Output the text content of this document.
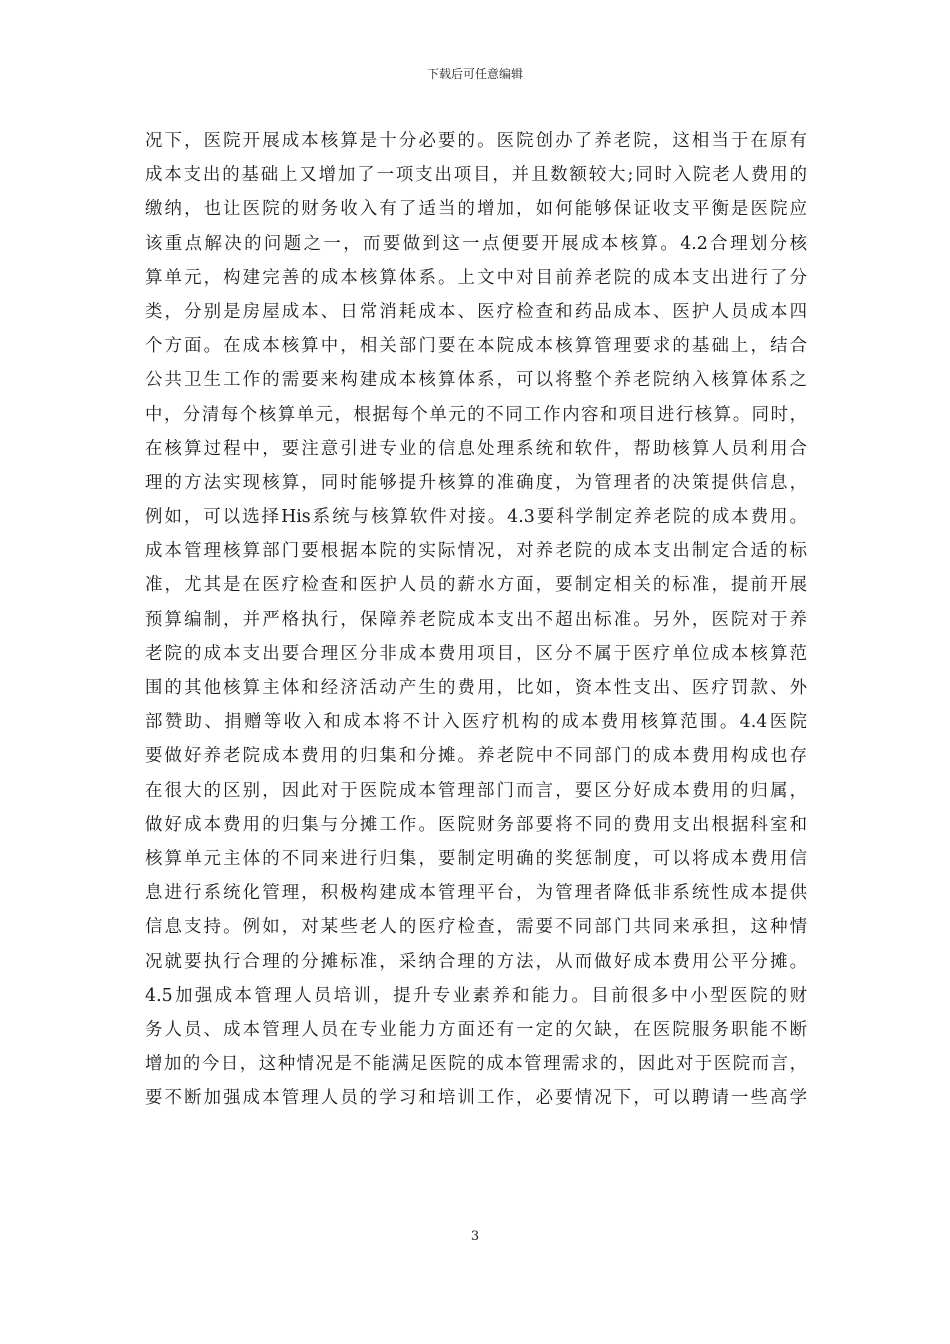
下载后可任意编辑
况下，医院开展成本核算是十分必要的。医院创办了养老院，这相当于在原有
成本支出的基础上又增加了一项支出项目，并且数额较大;同时入院老人费用的
缴纳，也让医院的财务收入有了适当的增加，如何能够保证收支平衡是医院应
该重点解决的问题之一，而要做到这一点便要开展成本核算。4.2合理划分核
算单元，构建完善的成本核算体系。上文中对目前养老院的成本支出进行了分
类，分别是房屋成本、日常消耗成本、医疗检查和药品成本、医护人员成本四
个方面。在成本核算中，相关部门要在本院成本核算管理要求的基础上，结合
公共卫生工作的需要来构建成本核算体系，可以将整个养老院纳入核算体系之
中，分清每个核算单元，根据每个单元的不同工作内容和项目进行核算。同时，
在核算过程中，要注意引进专业的信息处理系统和软件，帮助核算人员利用合
理的方法实现核算，同时能够提升核算的准确度，为管理者的决策提供信息，
例如，可以选择His系统与核算软件对接。4.3要科学制定养老院的成本费用。
成本管理核算部门要根据本院的实际情况，对养老院的成本支出制定合适的标
准，尤其是在医疗检查和医护人员的薪水方面，要制定相关的标准，提前开展
预算编制，并严格执行，保障养老院成本支出不超出标准。另外，医院对于养
老院的成本支出要合理区分非成本费用项目，区分不属于医疗单位成本核算范
围的其他核算主体和经济活动产生的费用，比如，资本性支出、医疗罚款、外
部赞助、捐赠等收入和成本将不计入医疗机构的成本费用核算范围。4.4医院
要做好养老院成本费用的归集和分摊。养老院中不同部门的成本费用构成也存
在很大的区别，因此对于医院成本管理部门而言，要区分好成本费用的归属，
做好成本费用的归集与分摊工作。医院财务部要将不同的费用支出根据科室和
核算单元主体的不同来进行归集，要制定明确的奖惩制度，可以将成本费用信
息进行系统化管理，积极构建成本管理平台，为管理者降低非系统性成本提供
信息支持。例如，对某些老人的医疗检查，需要不同部门共同来承担，这种情
况就要执行合理的分摊标准，采纳合理的方法，从而做好成本费用公平分摊。
4.5加强成本管理人员培训，提升专业素养和能力。目前很多中小型医院的财
务人员、成本管理人员在专业能力方面还有一定的欠缺，在医院服务职能不断
增加的今日，这种情况是不能满足医院的成本管理需求的，因此对于医院而言，
要不断加强成本管理人员的学习和培训工作，必要情况下，可以聘请一些高学
3
